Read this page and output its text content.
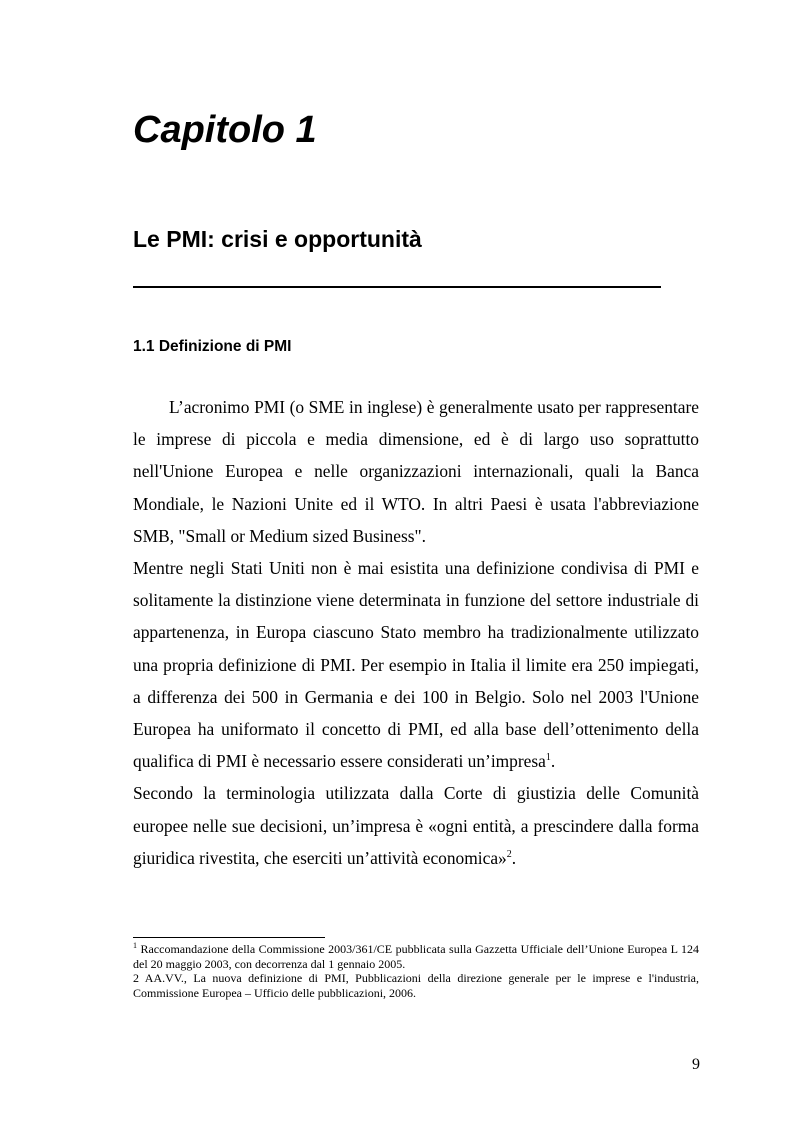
Capitolo 1
Le PMI: crisi e opportunità
1.1 Definizione di PMI

L’acronimo PMI (o SME in inglese) è generalmente usato per rappresentare le imprese di piccola e media dimensione, ed è di largo uso soprattutto nell'Unione Europea e nelle organizzazioni internazionali, quali la Banca Mondiale, le Nazioni Unite ed il WTO. In altri Paesi è usata l'abbreviazione SMB, "Small or Medium sized Business".

Mentre negli Stati Uniti non è mai esistita una definizione condivisa di PMI e solitamente la distinzione viene determinata in funzione del settore industriale di appartenenza, in Europa ciascuno Stato membro ha tradizionalmente utilizzato una propria definizione di PMI. Per esempio in Italia il limite era 250 impiegati, a differenza dei 500 in Germania e dei 100 in Belgio. Solo nel 2003 l'Unione Europea ha uniformato il concetto di PMI, ed alla base dell’ottenimento della qualifica di PMI è necessario essere considerati un’impresa$^1$.

Secondo la terminologia utilizzata dalla Corte di giustizia delle Comunità europee nelle sue decisioni, un’impresa è «ogni entità, a prescindere dalla forma giuridica rivestita, che eserciti un’attività economica»$^2$.

$^1$ Raccomandazione della Commissione 2003/361/CE pubblicata sulla Gazzetta Ufficiale dell’Unione Europea L 124 del 20 maggio 2003, con decorrenza dal 1 gennaio 2005.

2 AA.VV., La nuova definizione di PMI, Pubblicazioni della direzione generale per le imprese e l'industria, Commissione Europea – Ufficio delle pubblicazioni, 2006.

9
